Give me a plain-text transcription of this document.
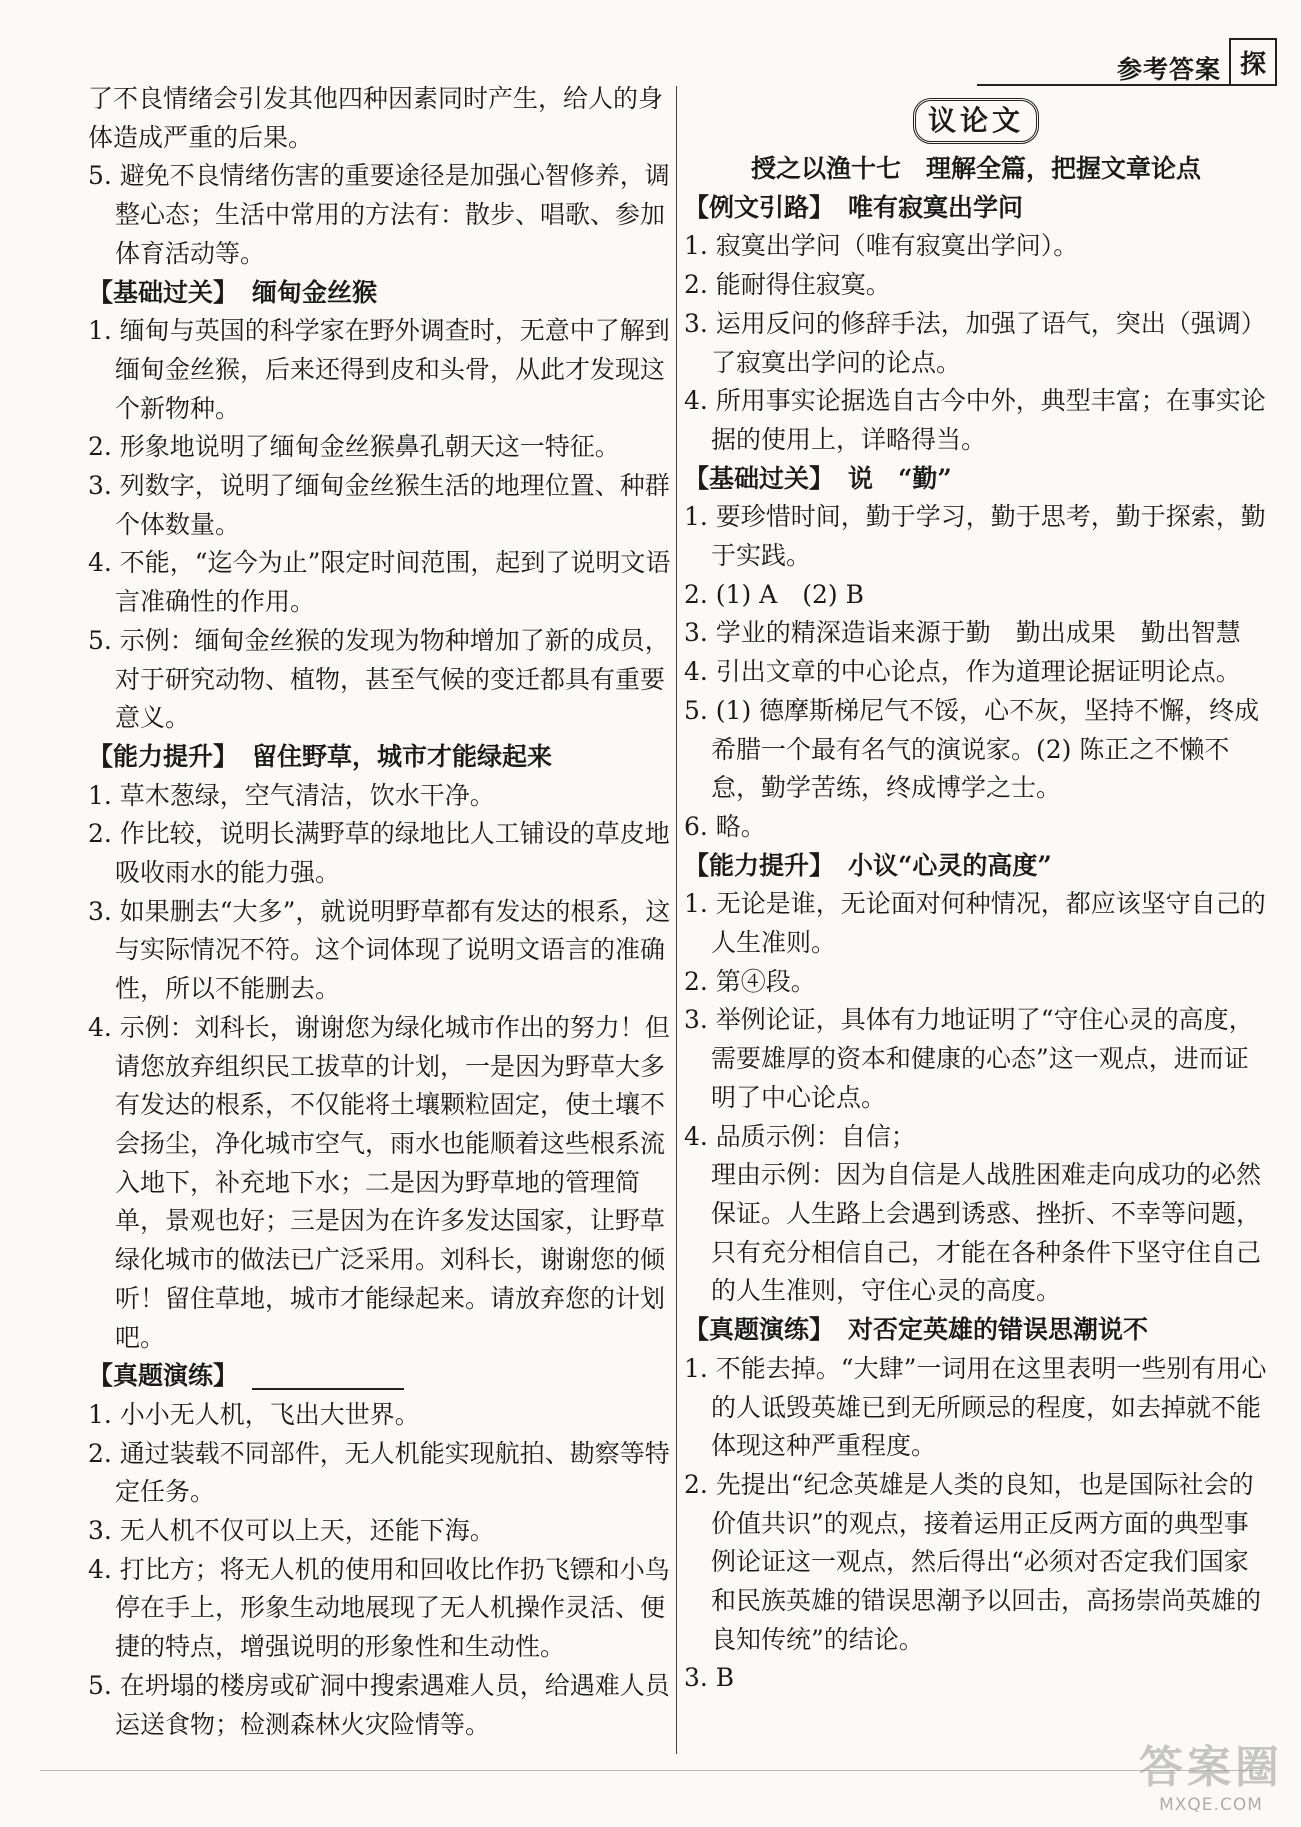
参考答案 探

了不良情绪会引发其他四种因素同时产生，给人的身体造成严重的后果。

5. 避免不良情绪伤害的重要途径是加强心智修养，调整心态；生活中常用的方法有：散步、唱歌、参加体育活动等。

【基础过关】 缅甸金丝猴

1. 缅甸与英国的科学家在野外调查时，无意中了解到缅甸金丝猴，后来还得到皮和头骨，从此才发现这个新物种。

2. 形象地说明了缅甸金丝猴鼻孔朝天这一特征。

3. 列数字，说明了缅甸金丝猴生活的地理位置、种群个体数量。

4. 不能，“迄今为止”限定时间范围，起到了说明文语言准确性的作用。

5. 示例：缅甸金丝猴的发现为物种增加了新的成员，对于研究动物、植物，甚至气候的变迁都具有重要意义。

【能力提升】 留住野草，城市才能绿起来

1. 草木葱绿，空气清洁，饮水干净。

2. 作比较，说明长满野草的绿地比人工铺设的草皮地吸收雨水的能力强。

3. 如果删去“大多”，就说明野草都有发达的根系，这与实际情况不符。这个词体现了说明文语言的准确性，所以不能删去。

4. 示例：刘科长，谢谢您为绿化城市作出的努力！但请您放弃组织民工拔草的计划，一是因为野草大多有发达的根系，不仅能将土壤颗粒固定，使土壤不会扬尘，净化城市空气，雨水也能顺着这些根系流入地下，补充地下水；二是因为野草地的管理简单，景观也好；三是因为在许多发达国家，让野草绿化城市的做法已广泛采用。刘科长，谢谢您的倾听！留住草地，城市才能绿起来。请放弃您的计划吧。

【真题演练】

1. 小小无人机，飞出大世界。

2. 通过装载不同部件，无人机能实现航拍、勘察等特定任务。

3. 无人机不仅可以上天，还能下海。

4. 打比方；将无人机的使用和回收比作扔飞镖和小鸟停在手上，形象生动地展现了无人机操作灵活、便捷的特点，增强说明的形象性和生动性。

5. 在坍塌的楼房或矿洞中搜索遇难人员，给遇难人员运送食物；检测森林火灾险情等。

议论文

授之以渔十七　理解全篇，把握文章论点

【例文引路】 唯有寂寞出学问

1. 寂寞出学问（唯有寂寞出学问）。

2. 能耐得住寂寞。

3. 运用反问的修辞手法，加强了语气，突出（强调）了寂寞出学问的论点。

4. 所用事实论据选自古今中外，典型丰富；在事实论据的使用上，详略得当。

【基础过关】 说　“勤”

1. 要珍惜时间，勤于学习，勤于思考，勤于探索，勤于实践。

2. (1) A　(2) B

3. 学业的精深造诣来源于勤　勤出成果　勤出智慧

4. 引出文章的中心论点，作为道理论据证明论点。

5. (1) 德摩斯梯尼气不馁，心不灰，坚持不懈，终成希腊一个最有名气的演说家。(2) 陈正之不懒不怠，勤学苦练，终成博学之士。

6. 略。

【能力提升】 小议“心灵的高度”

1. 无论是谁，无论面对何种情况，都应该坚守自己的人生准则。

2. 第④段。

3. 举例论证，具体有力地证明了“守住心灵的高度，需要雄厚的资本和健康的心态”这一观点，进而证明了中心论点。

4. 品质示例：自信；

理由示例：因为自信是人战胜困难走向成功的必然保证。人生路上会遇到诱惑、挫折、不幸等问题，只有充分相信自己，才能在各种条件下坚守住自己的人生准则，守住心灵的高度。

【真题演练】 对否定英雄的错误思潮说不

1. 不能去掉。“大肆”一词用在这里表明一些别有用心的人诋毁英雄已到无所顾忌的程度，如去掉就不能体现这种严重程度。

2. 先提出“纪念英雄是人类的良知，也是国际社会的价值共识”的观点，接着运用正反两方面的典型事例论证这一观点，然后得出“必须对否定我们国家和民族英雄的错误思潮予以回击，高扬崇尚英雄的良知传统”的结论。

3. B

答案圈
MXQE.COM
